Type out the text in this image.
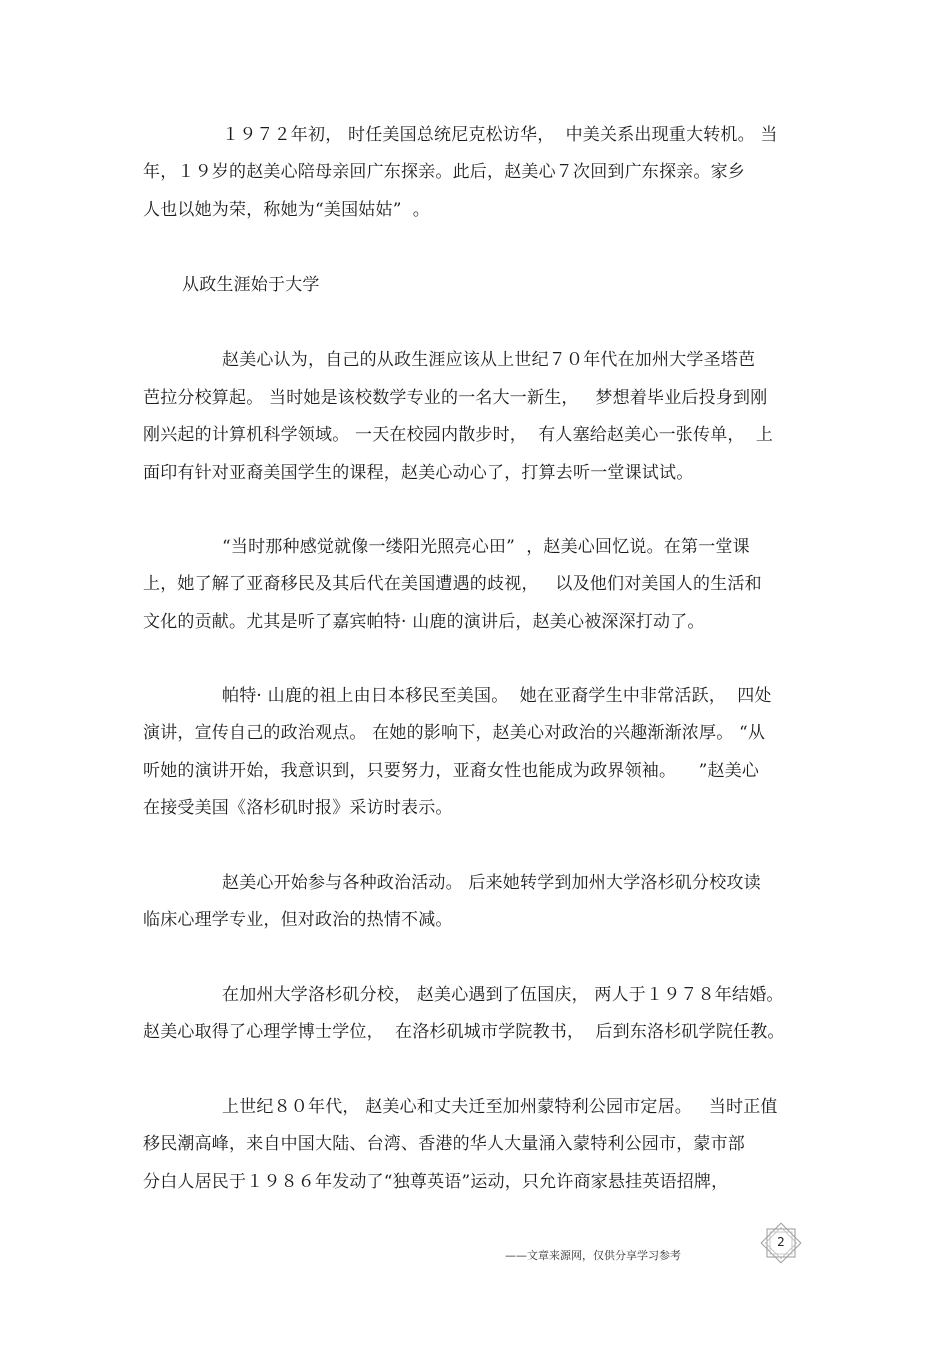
１９７２年初， 时任美国总统尼克松访华，  中美关系出现重大转机。 当
年，１９岁的赵美心陪母亲回广东探亲。此后，赵美心７次回到广东探亲。家乡
人也以她为荣，称她为“美国姑姑”  。
从政生涯始于大学
赵美心认为，自己的从政生涯应该从上世纪７０年代在加州大学圣塔芭
芭拉分校算起。 当时她是该校数学专业的一名大一新生，   梦想着毕业后投身到刚
刚兴起的计算机科学领域。 一天在校园内散步时，  有人塞给赵美心一张传单，  上
面印有针对亚裔美国学生的课程，赵美心动心了，打算去听一堂课试试。
“当时那种感觉就像一缕阳光照亮心田”  ，赵美心回忆说。在第一堂课
上，她了解了亚裔移民及其后代在美国遭遇的歧视，   以及他们对美国人的生活和
文化的贡献。尤其是听了嘉宾帕特· 山鹿的演讲后，赵美心被深深打动了。
帕特· 山鹿的祖上由日本移民至美国。  她在亚裔学生中非常活跃，  四处
演讲，宣传自己的政治观点。 在她的影响下，赵美心对政治的兴趣渐渐浓厚。 “从
听她的演讲开始，我意识到，只要努力，亚裔女性也能成为政界领袖。    ”赵美心
在接受美国《洛杉矶时报》采访时表示。
赵美心开始参与各种政治活动。 后来她转学到加州大学洛杉矶分校攻读
临床心理学专业，但对政治的热情不减。
在加州大学洛杉矶分校， 赵美心遇到了伍国庆， 两人于１９７８年结婚。
赵美心取得了心理学博士学位，  在洛杉矶城市学院教书，  后到东洛杉矶学院任教。
上世纪８０年代， 赵美心和丈夫迁至加州蒙特利公园市定居。   当时正值
移民潮高峰，来自中国大陆、台湾、香港的华人大量涌入蒙特利公园市，蒙市部
分白人居民于１９８６年发动了“独尊英语”运动，只允许商家悬挂英语招牌，
2
——文章来源网，仅供分享学习参考
